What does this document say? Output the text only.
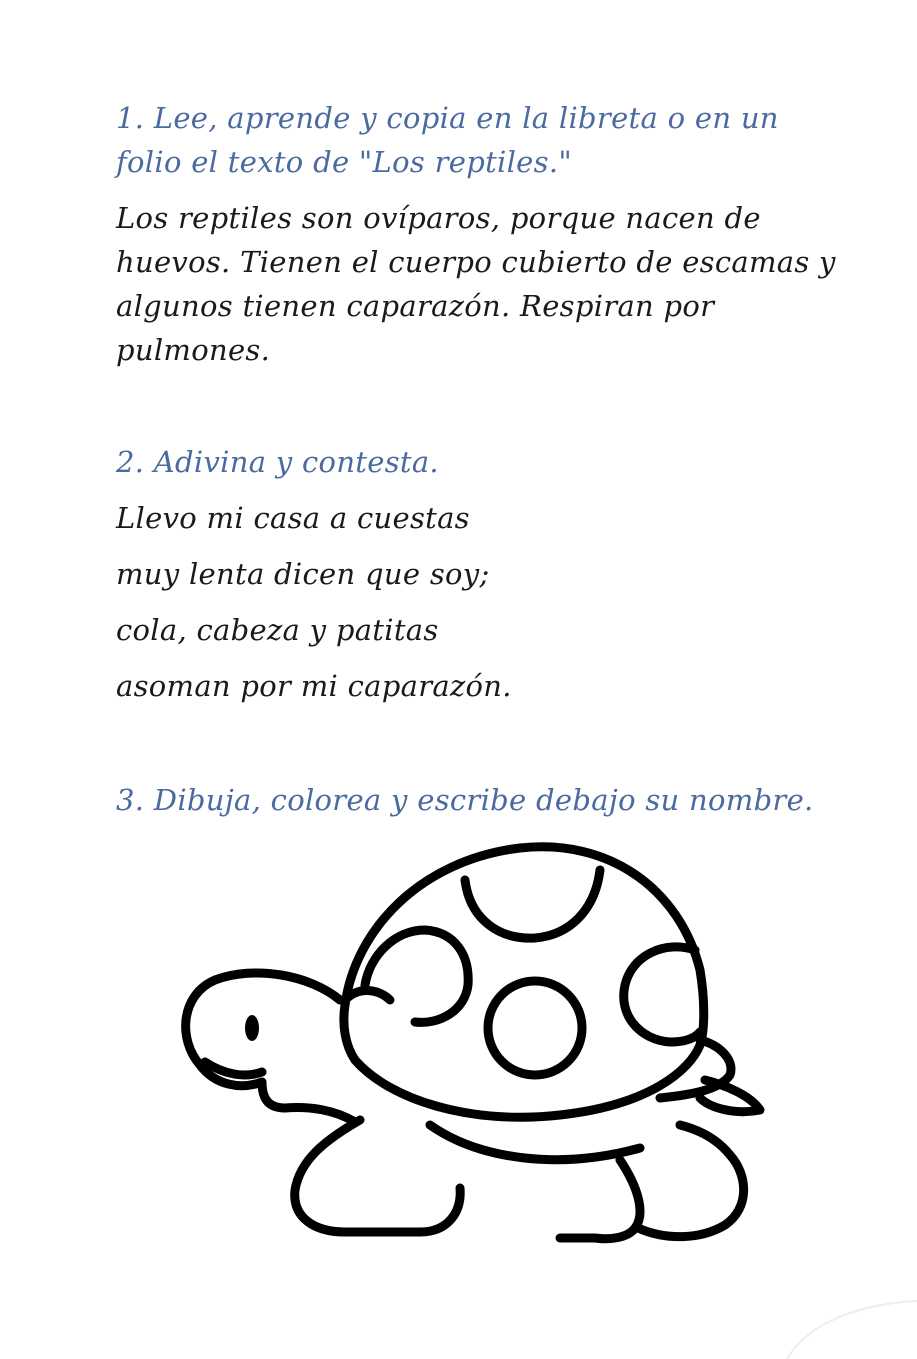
1. Lee, aprende y copia en la libreta o en un
folio el texto de "Los reptiles."
Los reptiles son ovíparos, porque nacen de
huevos. Tienen el cuerpo cubierto de escamas y
algunos tienen caparazón. Respiran por
pulmones.
2. Adivina y contesta.
Llevo mi casa a cuestas
muy lenta dicen que soy;
cola, cabeza y patitas
asoman por mi caparazón.
3. Dibuja, colorea y escribe debajo su nombre.
